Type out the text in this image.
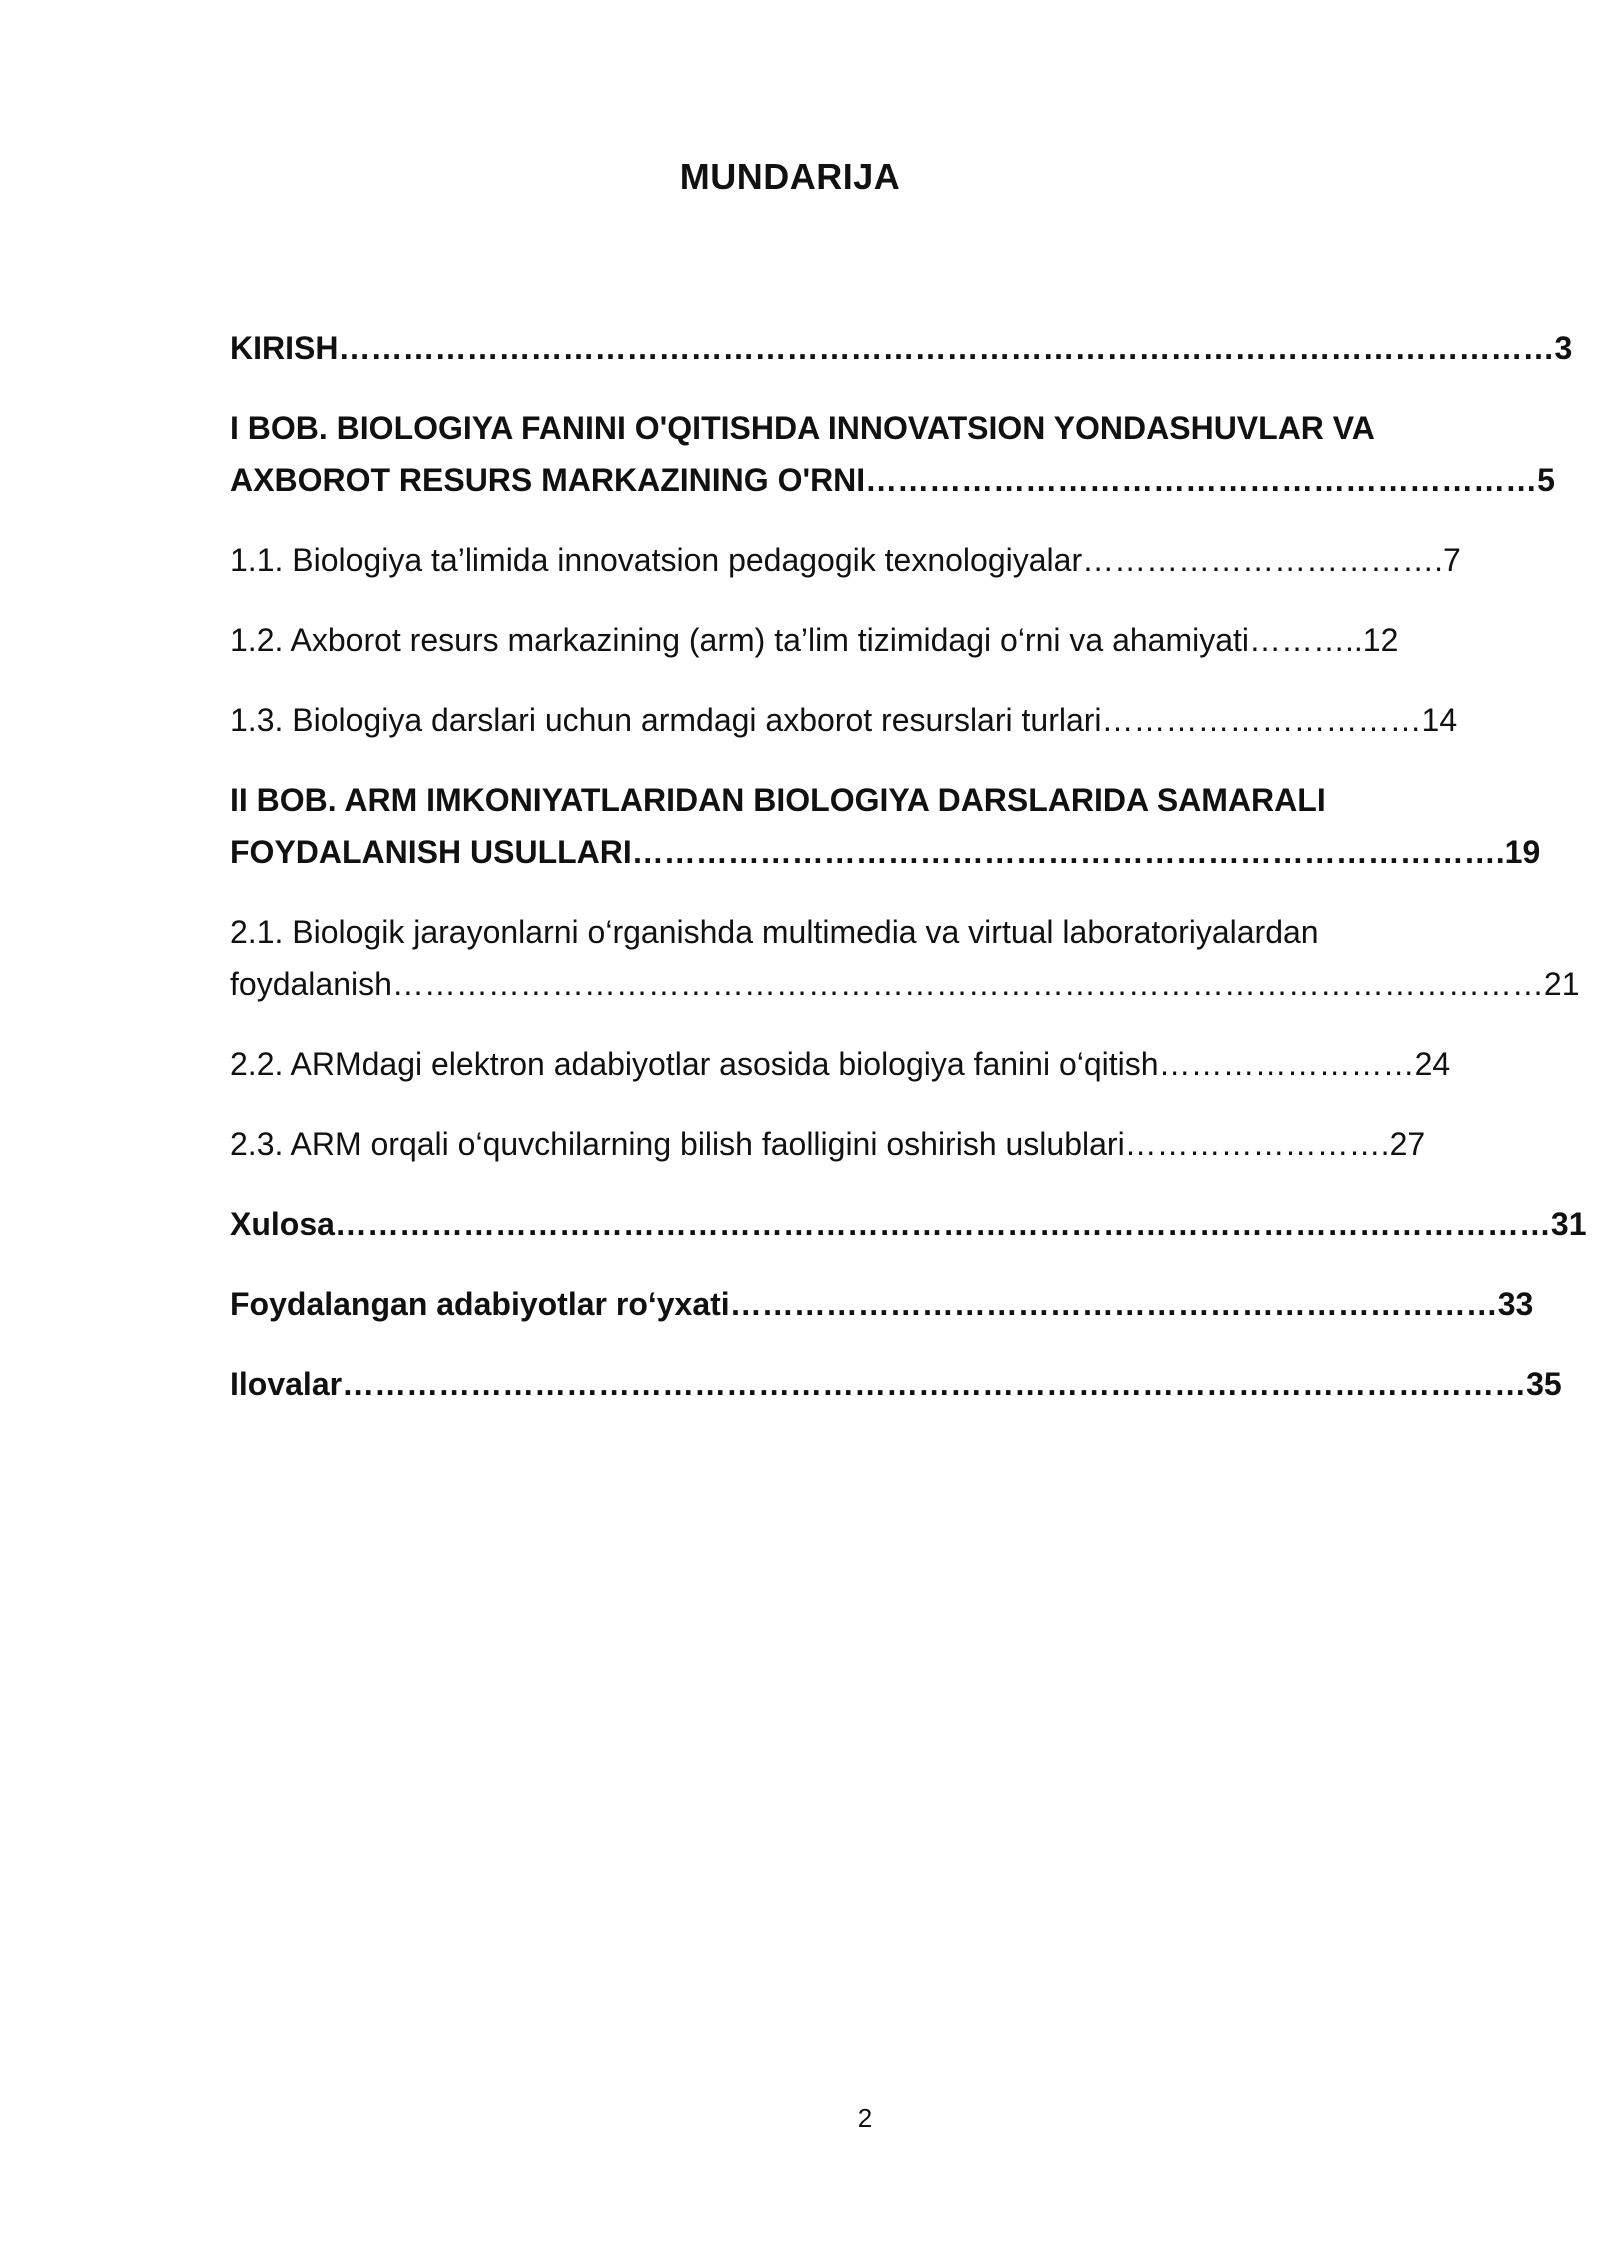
MUNDARIJA
KIRISH……………………………………………………………………………………………………3
I BOB. BIOLOGIYA FANINI O'QITISHDA INNOVATSION YONDASHUVLAR VA
AXBOROT RESURS MARKAZINING O'RNI………………………………………………………5
1.1. Biologiya ta’limida innovatsion pedagogik texnologiyalar…………………………….7
1.2. Axborot resurs markazining (arm) ta’lim tizimidagi o‘rni va ahamiyati………..12
1.3. Biologiya darslari uchun armdagi axborot resurslari turlari…………………………14
II BOB. ARM IMKONIYATLARIDAN BIOLOGIYA DARSLARIDA SAMARALI
FOYDALANISH USULLARI……………………………………………………………………….19
2.1. Biologik jarayonlarni o‘rganishda multimedia va virtual laboratoriyalardan
foydalanish………………………………………………………………………………………………21
2.2. ARMdagi elektron adabiyotlar asosida biologiya fanini o‘qitish……………………24
2.3. ARM orqali o‘quvchilarning bilish faolligini oshirish uslublari…………………….27
Xulosa……………………………………………………………………………………………………31
Foydalangan adabiyotlar ro‘yxati………………………………………………………………33
Ilovalar…………………………………………………………………………………………………35
2
